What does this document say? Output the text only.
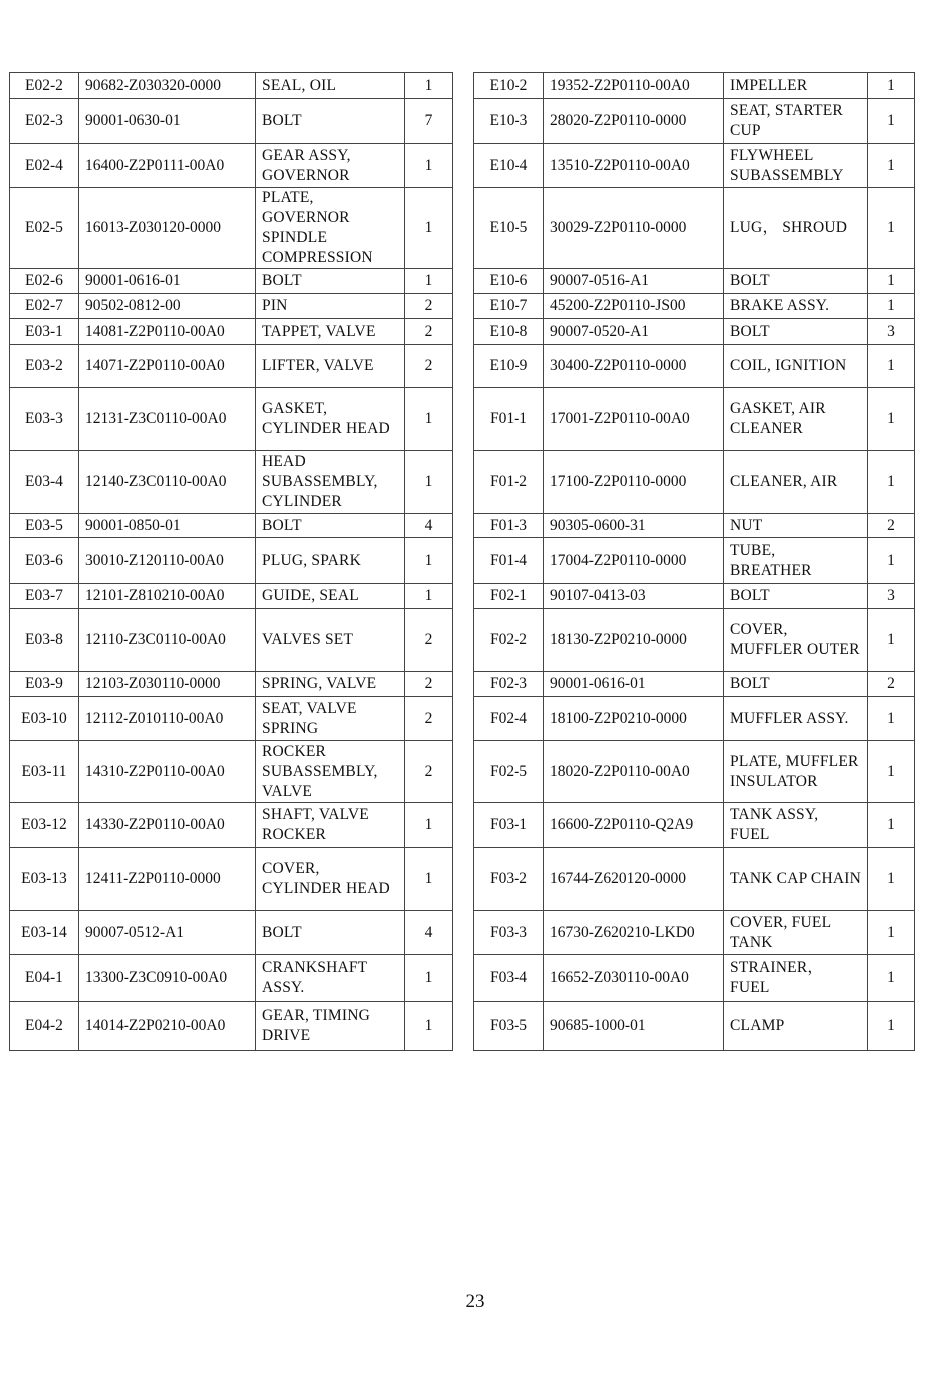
E02-2	90682-Z030320-0000	SEAL, OIL	1
E02-3	90001-0630-01	BOLT	7
E02-4	16400-Z2P0111-00A0	GEAR ASSY, GOVERNOR	1
E02-5	16013-Z030120-0000	PLATE, GOVERNOR SPINDLE COMPRESSION	1
E02-6	90001-0616-01	BOLT	1
E02-7	90502-0812-00	PIN	2
E03-1	14081-Z2P0110-00A0	TAPPET, VALVE	2
E03-2	14071-Z2P0110-00A0	LIFTER, VALVE	2
E03-3	12131-Z3C0110-00A0	GASKET, CYLINDER HEAD	1
E03-4	12140-Z3C0110-00A0	HEAD SUBASSEMBLY, CYLINDER	1
E03-5	90001-0850-01	BOLT	4
E03-6	30010-Z120110-00A0	PLUG, SPARK	1
E03-7	12101-Z810210-00A0	GUIDE, SEAL	1
E03-8	12110-Z3C0110-00A0	VALVES SET	2
E03-9	12103-Z030110-0000	SPRING, VALVE	2
E03-10	12112-Z010110-00A0	SEAT, VALVE SPRING	2
E03-11	14310-Z2P0110-00A0	ROCKER SUBASSEMBLY, VALVE	2
E03-12	14330-Z2P0110-00A0	SHAFT, VALVE ROCKER	1
E03-13	12411-Z2P0110-0000	COVER, CYLINDER HEAD	1
E03-14	90007-0512-A1	BOLT	4
E04-1	13300-Z3C0910-00A0	CRANKSHAFT ASSY.	1
E04-2	14014-Z2P0210-00A0	GEAR, TIMING DRIVE	1
E10-2	19352-Z2P0110-00A0	IMPELLER	1
E10-3	28020-Z2P0110-0000	SEAT, STARTER CUP	1
E10-4	13510-Z2P0110-00A0	FLYWHEEL SUBASSEMBLY	1
E10-5	30029-Z2P0110-0000	LUG， SHROUD	1
E10-6	90007-0516-A1	BOLT	1
E10-7	45200-Z2P0110-JS00	BRAKE ASSY.	1
E10-8	90007-0520-A1	BOLT	3
E10-9	30400-Z2P0110-0000	COIL, IGNITION	1
F01-1	17001-Z2P0110-00A0	GASKET, AIR CLEANER	1
F01-2	17100-Z2P0110-0000	CLEANER, AIR	1
F01-3	90305-0600-31	NUT	2
F01-4	17004-Z2P0110-0000	TUBE, BREATHER	1
F02-1	90107-0413-03	BOLT	3
F02-2	18130-Z2P0210-0000	COVER, MUFFLER OUTER	1
F02-3	90001-0616-01	BOLT	2
F02-4	18100-Z2P0210-0000	MUFFLER ASSY.	1
F02-5	18020-Z2P0110-00A0	PLATE, MUFFLER INSULATOR	1
F03-1	16600-Z2P0110-Q2A9	TANK ASSY, FUEL	1
F03-2	16744-Z620120-0000	TANK CAP CHAIN	1
F03-3	16730-Z620210-LKD0	COVER, FUEL TANK	1
F03-4	16652-Z030110-00A0	STRAINER， FUEL	1
F03-5	90685-1000-01	CLAMP	1
23
